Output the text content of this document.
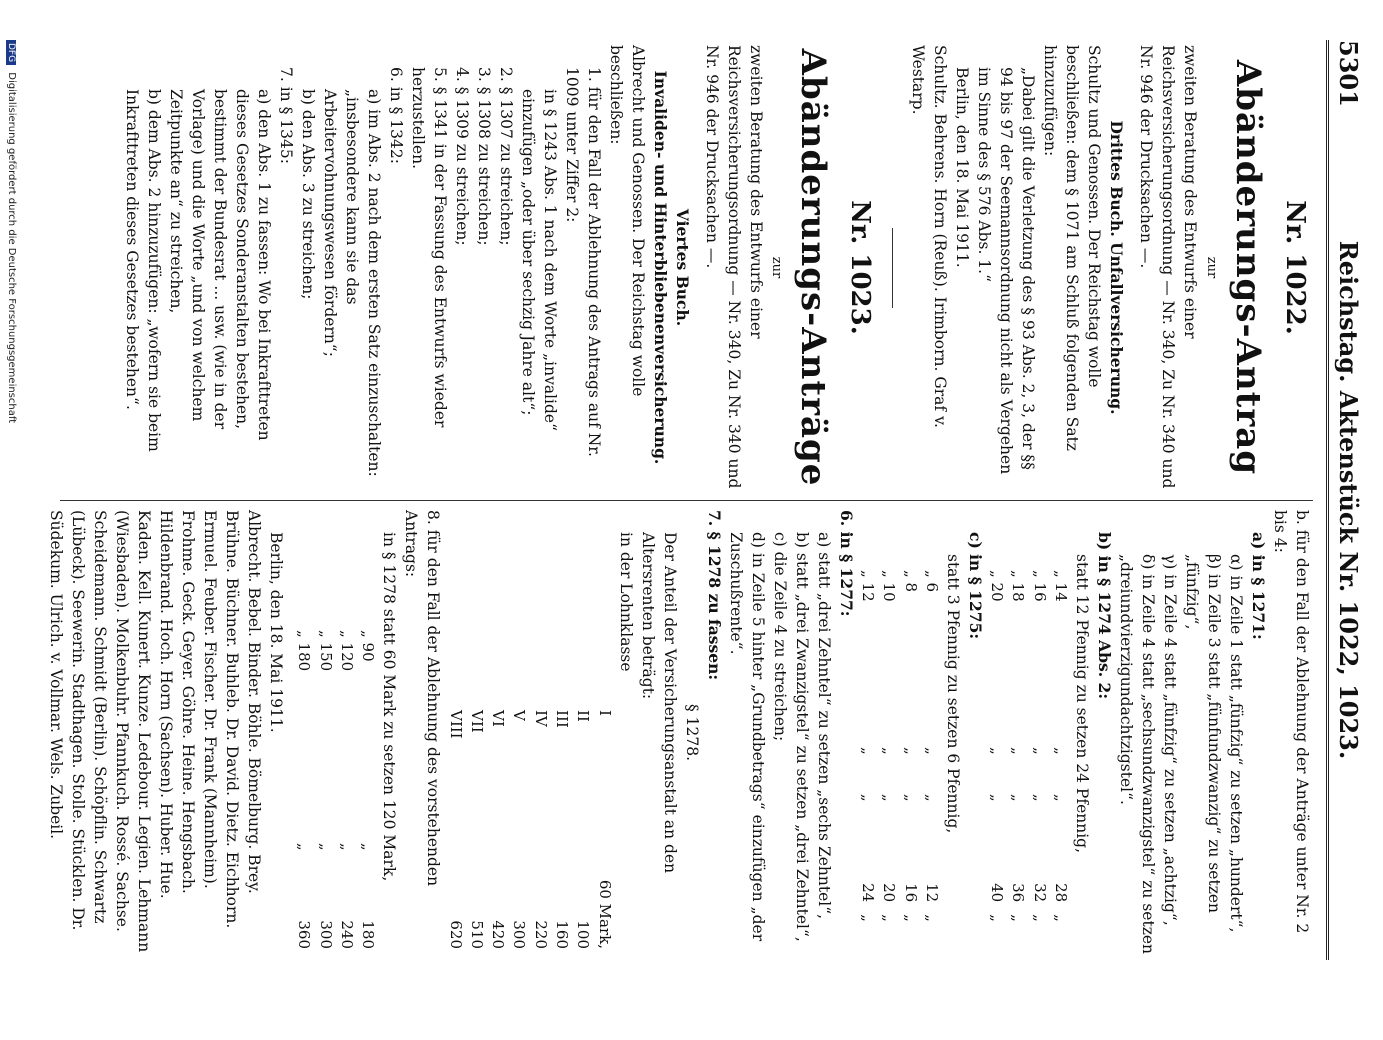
5301
Reichstag. Aktenstück Nr. 1022, 1023.

Nr. 1022.

Abänderungs-Antrag

zur

zweiten Beratung des Entwurfs einer Reichsversicherungsordnung — Nr. 340, Zu Nr. 340 und Nr. 946 der Drucksachen —.

Drittes Buch. Unfallversicherung.

Schultz und Genossen. Der Reichstag wolle beschließen: dem § 1071 am Schluß folgenden Satz hinzuzufügen:

„Dabei gilt die Verletzung des § 93 Abs. 2, 3, der §§ 94 bis 97 der Seemannsordnung nicht als Vergehen im Sinne des § 576 Abs. 1.“

Berlin, den 18. Mai 1911.

Schultz. Behrens. Horn (Reuß). Irimborn. Graf v. Westarp.

Nr. 1023.

Abänderungs-Anträge

zur

zweiten Beratung des Entwurfs einer Reichsversicherungsordnung — Nr. 340, Zu Nr. 340 und Nr. 946 der Drucksachen —.

Viertes Buch.

Invaliden- und Hinterbliebenenversicherung.

Albrecht und Genossen. Der Reichstag wolle beschließen:

1. für den Fall der Ablehnung des Antrags auf Nr. 1009 unter Ziffer 2:

in § 1243 Abs. 1 nach dem Worte „invalide“ einzufügen „oder über sechzig Jahre alt“;

2. § 1307 zu streichen;

3. § 1308 zu streichen;

4. § 1309 zu streichen;

5. § 1341 in der Fassung des Entwurfs wieder herzustellen.

6. in § 1342:

a) im Abs. 2 nach dem ersten Satz einzuschalten: „insbesondere kann sie das Arbeitervohnungswesen fördern“;

b) den Abs. 3 zu streichen;

7. in § 1345:

a) den Abs. 1 zu fassen: Wo bei Inkrafttreten dieses Gesetzes Sonderanstalten bestehen, bestimmt der Bundesrat ... usw. (wie in der Vorlage) und die Worte „und von welchem Zeitpunkte an“ zu streichen,

b) dem Abs. 2 hinzuzufügen: „wofern sie beim Inkrafttreten dieses Gesetzes bestehen“.

b. für den Fall der Ablehnung der Anträge unter Nr. 2 bis 4:

a) in § 1271:

α) in Zeile 1 statt „fünfzig“ zu setzen „hundert“,

β) in Zeile 3 statt „fünfundzwanzig“ zu setzen „fünfzig“,

γ) in Zeile 4 statt „fünfzig“ zu setzen „achtzig“,

δ) in Zeile 4 statt „sechsundzwanzigstel“ zu setzen „dreiundvierzigundachtzigstel“.

b) in § 1274 Abs. 2:

statt 12 Pfennig zu setzen 24 Pfennig,

„ 14	„	„	28	„
„ 16	„	„	32	„
„ 18	„	„	36	„
„ 20	„	„	40	„

c) in § 1275:

statt 3 Pfennig zu setzen 6 Pfennig,

„ 6	„	„	12	„
„ 8	„	„	16	„
„ 10	„	„	20	„
„ 12	„	„	24	„

6. in § 1277:

a) statt „drei Zehntel“ zu setzen „sechs Zehntel“,

b) statt „drei Zwanzigstel“ zu setzen „drei Zehntel“,

c) die Zeile 4 zu streichen;

d) in Zeile 5 hinter „Grundbetrags“ einzufügen „der Zuschußrente“.

7. § 1278 zu fassen:

§ 1278.

Der Anteil der Versicherungsanstalt an den Altersrenten beträgt:

in der Lohnklasse

I	60 Mark,
II	100
III	160
IV	220
V	300
VI	420
VII	510
VIII	620

8. für den Fall der Ablehnung des vorstehenden Antrags:

in § 1278 statt 60 Mark zu setzen 120 Mark,

„ 90	„	180
„ 120	„	240
„ 150	„	300
„ 180	„	360

Berlin, den 18. Mai 1911.

Albrecht. Bebel. Binder. Böhle. Bömelburg. Brey. Brühne. Büchner. Buhleb. Dr. David. Dietz. Eichhorn. Ermuel. Feuber. Fischer. Dr. Frank (Mannheim). Frohme. Geck. Geyer. Göhre. Heine. Hengsbach. Hildenbrand. Hoch. Horn (Sachsen). Huber. Hue. Kaden. Kell. Kunert. Kunze. Ledebour. Legien. Lehmann (Wiesbaden). Molkenbuhr. Pfannkuch. Rossé. Sachse. Scheidemann. Schmidt (Berlin). Schöpflin. Schwartz (Lübeck). Seewerin. Stadthagen. Stolle. Stücklen. Dr. Südekum. Ulrich. v. Vollmar. Wels. Zubeil.

DFG Digitalisierung gefördert durch die Deutsche Forschungsgemeinschaft
